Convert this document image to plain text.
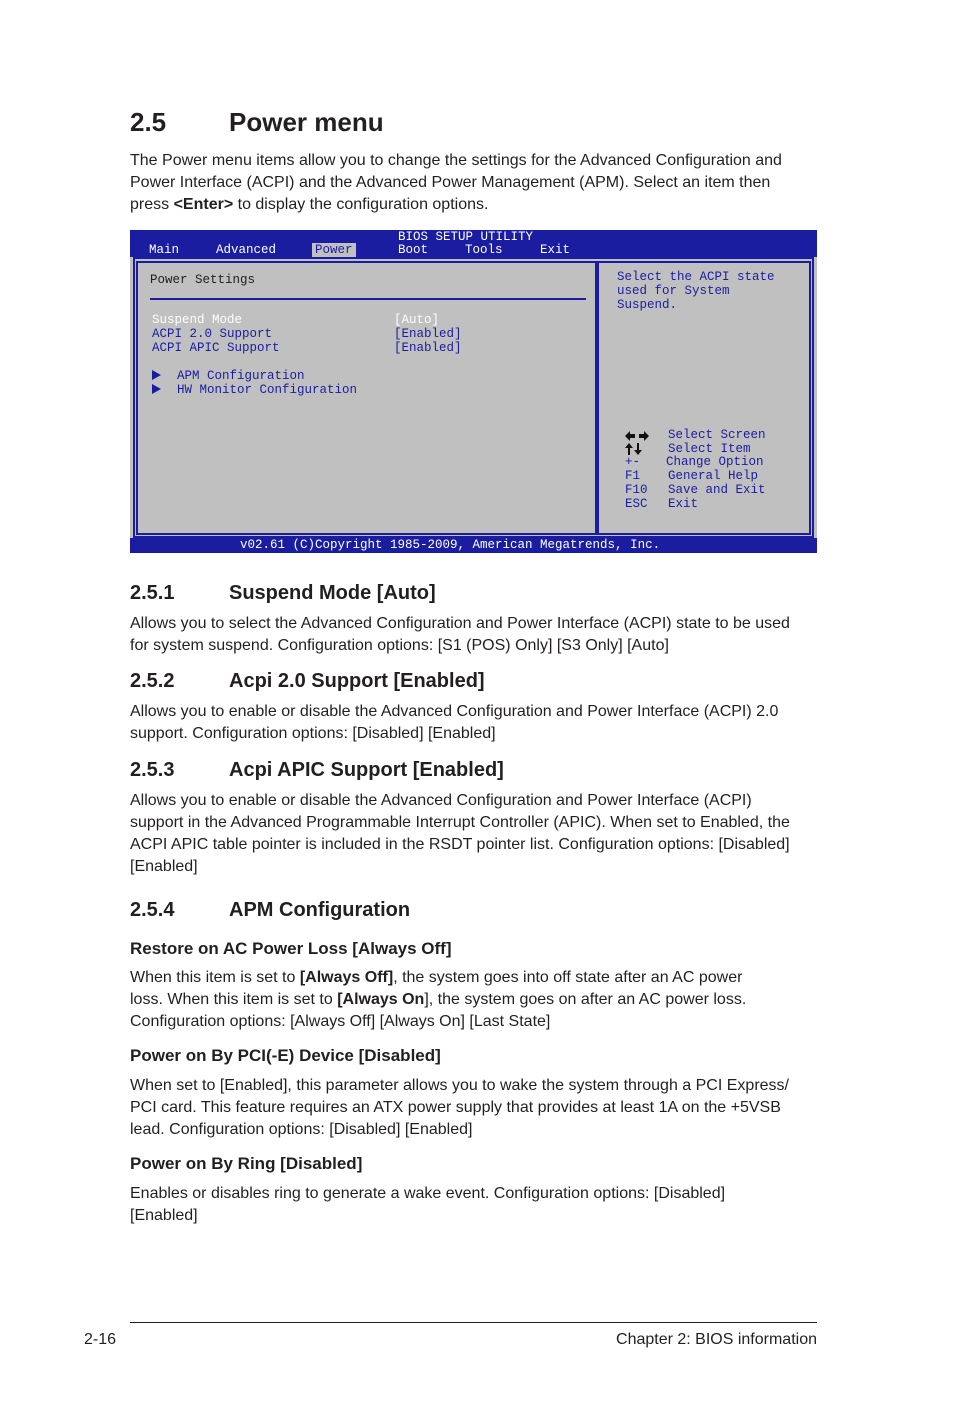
2.5 Power menu
The Power menu items allow you to change the settings for the Advanced Configuration and
Power Interface (ACPI) and the Advanced Power Management (APM). Select an item then
press <Enter> to display the configuration options.
BIOS SETUP UTILITY
Main	Advanced	Power	Boot	Tools	Exit
Power Settings
Suspend Mode	[Auto]
ACPI 2.0 Support	[Enabled]
ACPI APIC Support	[Enabled]
APM Configuration
HW Monitor Configuration
Select the ACPI state
used for System
Suspend.
Select Screen
Select Item
+- Change Option
F1 General Help
F10 Save and Exit
ESC Exit
v02.61 (C)Copyright 1985-2009, American Megatrends, Inc.
2.5.1	Suspend Mode [Auto]
Allows you to select the Advanced Configuration and Power Interface (ACPI) state to be used
for system suspend. Configuration options: [S1 (POS) Only] [S3 Only] [Auto]
2.5.2	Acpi 2.0 Support [Enabled]
Allows you to enable or disable the Advanced Configuration and Power Interface (ACPI) 2.0
support. Configuration options: [Disabled] [Enabled]
2.5.3	Acpi APIC Support [Enabled]
Allows you to enable or disable the Advanced Configuration and Power Interface (ACPI)
support in the Advanced Programmable Interrupt Controller (APIC). When set to Enabled, the
ACPI APIC table pointer is included in the RSDT pointer list. Configuration options: [Disabled]
[Enabled]
2.5.4	APM Configuration
Restore on AC Power Loss [Always Off]
When this item is set to [Always Off], the system goes into off state after an AC power
loss. When this item is set to [Always On], the system goes on after an AC power loss.
Configuration options: [Always Off] [Always On] [Last State]
Power on By PCI(-E) Device [Disabled]
When set to [Enabled], this parameter allows you to wake the system through a PCI Express/
PCI card. This feature requires an ATX power supply that provides at least 1A on the +5VSB
lead. Configuration options: [Disabled] [Enabled]
Power on By Ring [Disabled]
Enables or disables ring to generate a wake event. Configuration options: [Disabled]
[Enabled]
2-16	Chapter 2: BIOS information
